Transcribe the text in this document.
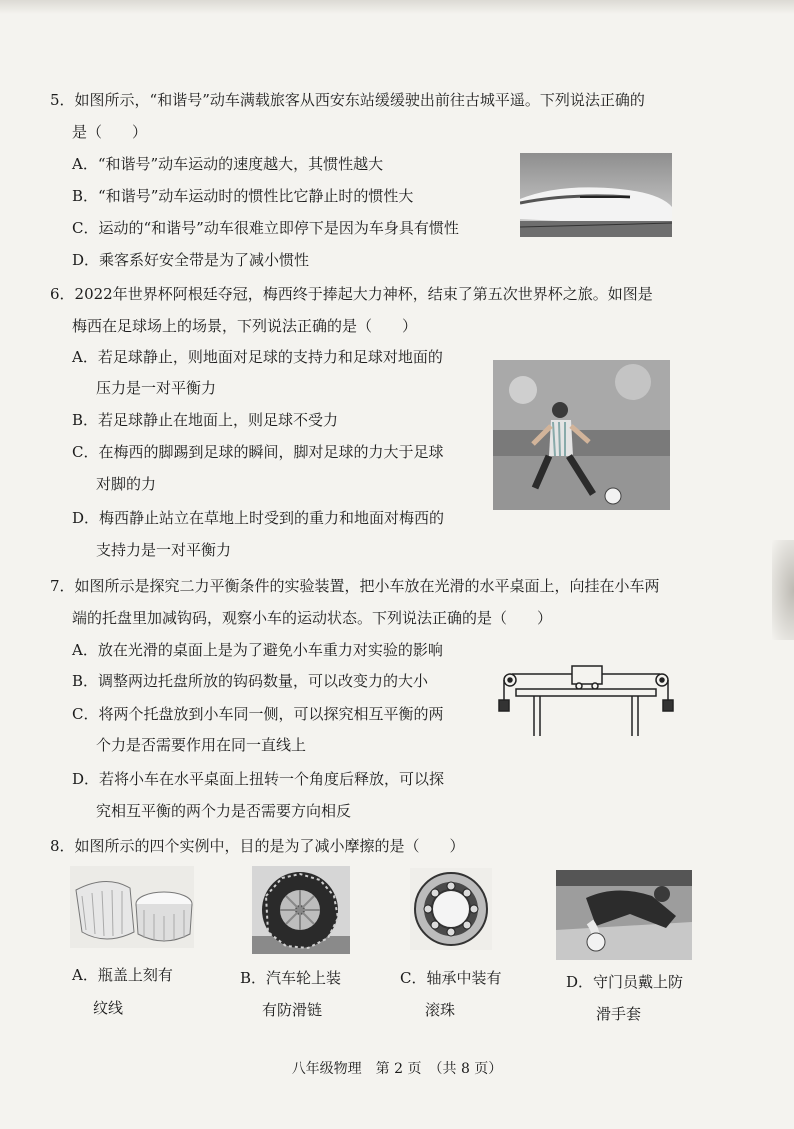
5．如图所示，“和谐号”动车满载旅客从西安东站缓缓驶出前往古城平遥。下列说法正确的
是（　　）
A．“和谐号”动车运动的速度越大，其惯性越大
B．“和谐号”动车运动时的惯性比它静止时的惯性大
C．运动的“和谐号”动车很难立即停下是因为车身具有惯性
D．乘客系好安全带是为了减小惯性
6．2022年世界杯阿根廷夺冠，梅西终于捧起大力神杯，结束了第五次世界杯之旅。如图是
梅西在足球场上的场景，下列说法正确的是（　　）
A．若足球静止，则地面对足球的支持力和足球对地面的
压力是一对平衡力
B．若足球静止在地面上，则足球不受力
C．在梅西的脚踢到足球的瞬间，脚对足球的力大于足球
对脚的力
D．梅西静止站立在草地上时受到的重力和地面对梅西的
支持力是一对平衡力
7．如图所示是探究二力平衡条件的实验装置，把小车放在光滑的水平桌面上，向挂在小车两
端的托盘里加减钩码，观察小车的运动状态。下列说法正确的是（　　）
A．放在光滑的桌面上是为了避免小车重力对实验的影响
B．调整两边托盘所放的钩码数量，可以改变力的大小
C．将两个托盘放到小车同一侧，可以探究相互平衡的两
个力是否需要作用在同一直线上
D．若将小车在水平桌面上扭转一个角度后释放，可以探
究相互平衡的两个力是否需要方向相反
8．如图所示的四个实例中，目的是为了减小摩擦的是（　　）
A．瓶盖上刻有
纹线
B．汽车轮上装
有防滑链
C．轴承中装有
滚珠
D．守门员戴上防
滑手套
八年级物理　第 2 页　（共 8 页）
